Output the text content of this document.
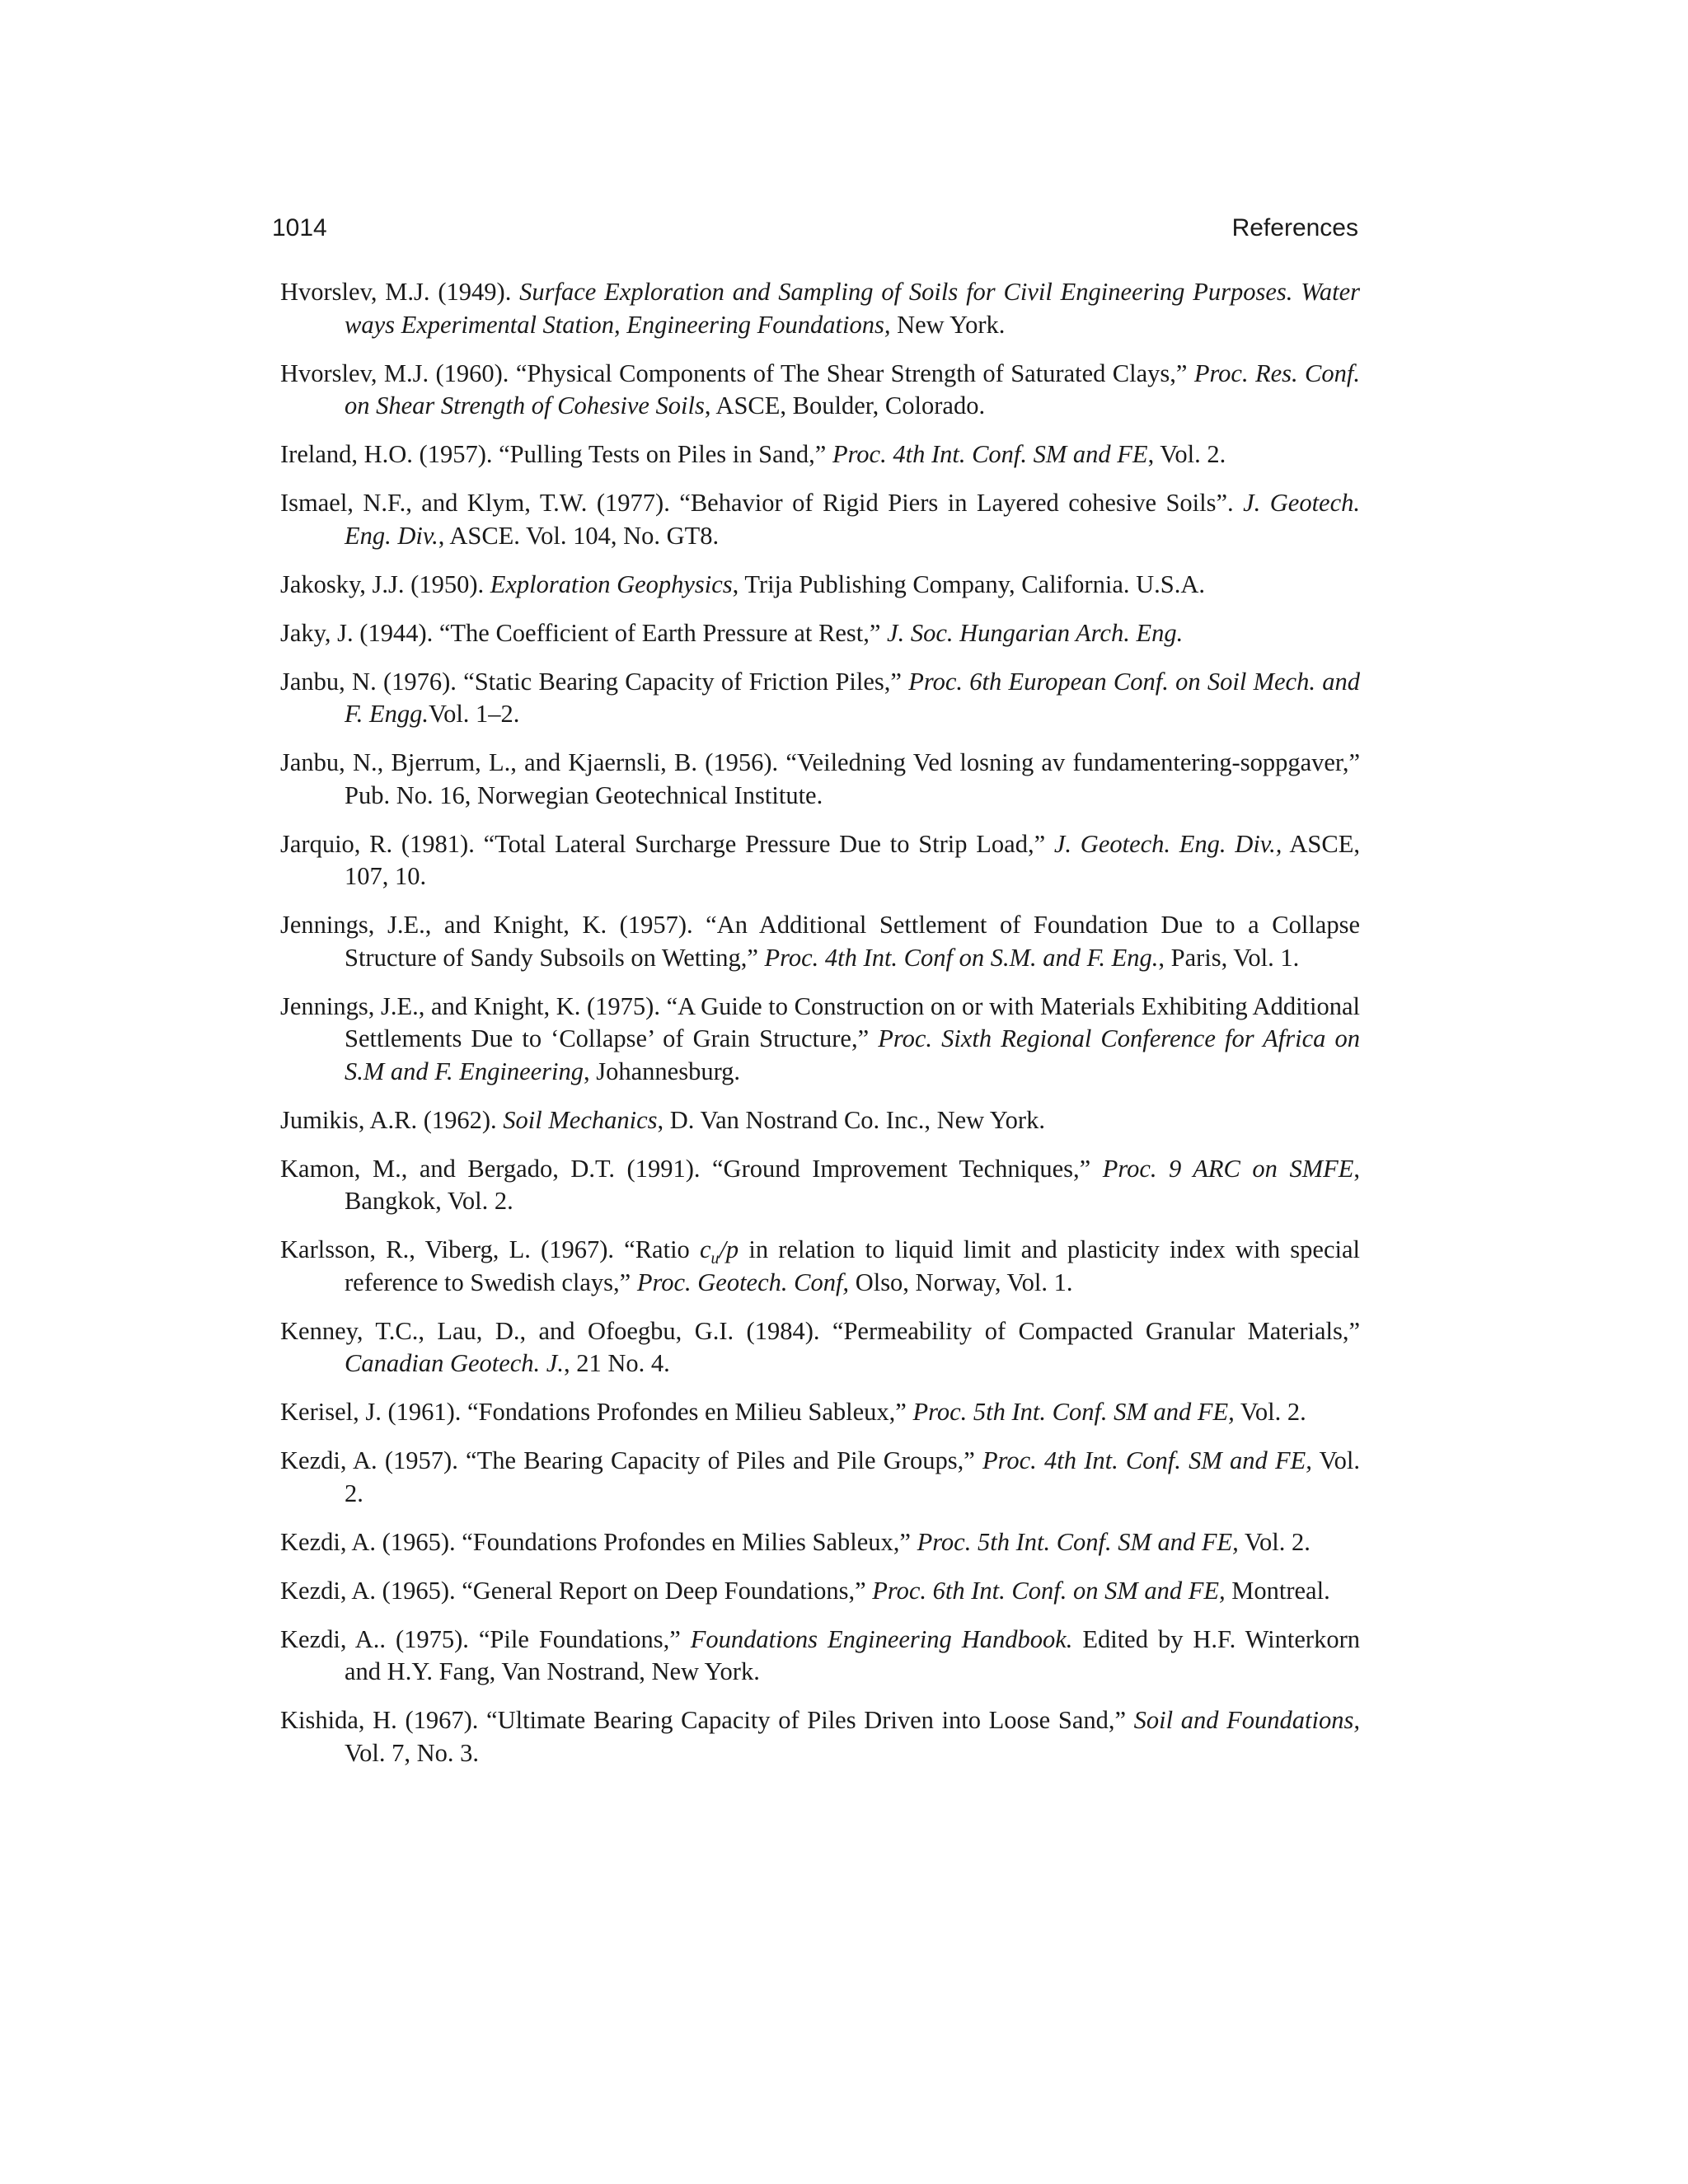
1014	References
Hvorslev, M.J. (1949). Surface Exploration and Sampling of Soils for Civil Engineering Purposes. Water ways Experimental Station, Engineering Foundations, New York.
Hvorslev, M.J. (1960). “Physical Components of The Shear Strength of Saturated Clays,” Proc. Res. Conf. on Shear Strength of Cohesive Soils, ASCE, Boulder, Colorado.
Ireland, H.O. (1957). “Pulling Tests on Piles in Sand,” Proc. 4th Int. Conf. SM and FE, Vol. 2.
Ismael, N.F., and Klym, T.W. (1977). “Behavior of Rigid Piers in Layered cohesive Soils”. J. Geotech. Eng. Div., ASCE. Vol. 104, No. GT8.
Jakosky, J.J. (1950). Exploration Geophysics, Trija Publishing Company, California. U.S.A.
Jaky, J. (1944). “The Coefficient of Earth Pressure at Rest,” J. Soc. Hungarian Arch. Eng.
Janbu, N. (1976). “Static Bearing Capacity of Friction Piles,” Proc. 6th European Conf. on Soil Mech. and F. Engg.Vol. 1–2.
Janbu, N., Bjerrum, L., and Kjaernsli, B. (1956). “Veiledning Ved losning av fundamentering-soppgaver,” Pub. No. 16, Norwegian Geotechnical Institute.
Jarquio, R. (1981). “Total Lateral Surcharge Pressure Due to Strip Load,” J. Geotech. Eng. Div., ASCE, 107, 10.
Jennings, J.E., and Knight, K. (1957). “An Additional Settlement of Foundation Due to a Collapse Structure of Sandy Subsoils on Wetting,” Proc. 4th Int. Conf on S.M. and F. Eng., Paris, Vol. 1.
Jennings, J.E., and Knight, K. (1975). “A Guide to Construction on or with Materials Exhibiting Additional Settlements Due to ‘Collapse’ of Grain Structure,” Proc. Sixth Regional Conference for Africa on S.M and F. Engineering, Johannesburg.
Jumikis, A.R. (1962). Soil Mechanics, D. Van Nostrand Co. Inc., New York.
Kamon, M., and Bergado, D.T. (1991). “Ground Improvement Techniques,” Proc. 9 ARC on SMFE, Bangkok, Vol. 2.
Karlsson, R., Viberg, L. (1967). “Ratio $c_u/p$ in relation to liquid limit and plasticity index with special reference to Swedish clays,” Proc. Geotech. Conf, Olso, Norway, Vol. 1.
Kenney, T.C., Lau, D., and Ofoegbu, G.I. (1984). “Permeability of Compacted Granular Materials,” Canadian Geotech. J., 21 No. 4.
Kerisel, J. (1961). “Fondations Profondes en Milieu Sableux,” Proc. 5th Int. Conf. SM and FE, Vol. 2.
Kezdi, A. (1957). “The Bearing Capacity of Piles and Pile Groups,” Proc. 4th Int. Conf. SM and FE, Vol. 2.
Kezdi, A. (1965). “Foundations Profondes en Milies Sableux,” Proc. 5th Int. Conf. SM and FE, Vol. 2.
Kezdi, A. (1965). “General Report on Deep Foundations,” Proc. 6th Int. Conf. on SM and FE, Montreal.
Kezdi, A.. (1975). “Pile Foundations,” Foundations Engineering Handbook. Edited by H.F. Winterkorn and H.Y. Fang, Van Nostrand, New York.
Kishida, H. (1967). “Ultimate Bearing Capacity of Piles Driven into Loose Sand,” Soil and Foundations, Vol. 7, No. 3.
